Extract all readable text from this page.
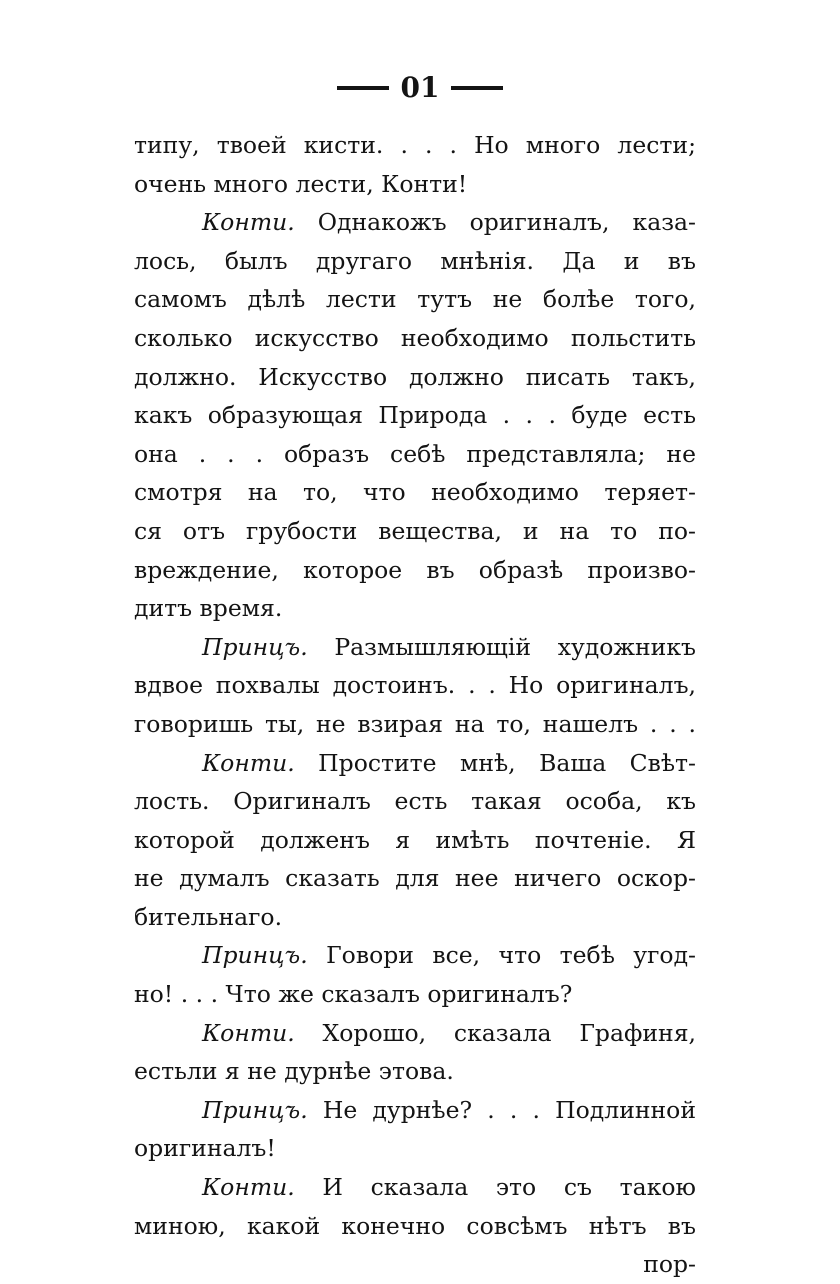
01
типу, твоей кисти. . . . Но много лести;
очень много лести, Конти!
Конти. Однакожъ оригиналъ, каза-
лось, былъ другаго мнѣнія. Да и въ
самомъ дѣлѣ лести тутъ не болѣе того,
сколько искусство необходимо польстить
должно. Искусство должно писать такъ,
какъ образующая Природа . . . буде есть
она . . . образъ себѣ представляла; не
смотря на то, что необходимо теряет-
ся отъ грубости вещества, и на то по-
вреждение, которое въ образѣ произво-
дитъ время.
Принцъ. Размышляющій художникъ
вдвое похвалы достоинъ. . . Но оригиналъ,
говоришь ты, не взирая на то, нашелъ . . .
Конти. Простите мнѣ, Ваша Свѣт-
лость. Оригиналъ есть такая особа, къ
которой долженъ я имѣть почтеніе. Я
не думалъ сказать для нее ничего оскор-
бительнаго.
Принцъ. Говори все, что тебѣ угод-
но! . . . Что же сказалъ оригиналъ?
Конти. Хорошо, сказала Графиня,
естьли я не дурнѣе этова.
Принцъ. Не дурнѣе? . . . Подлинной
оригиналъ!
Конти. И сказала это съ такою
миною, какой конечно совсѣмъ нѣтъ въ
пор-
